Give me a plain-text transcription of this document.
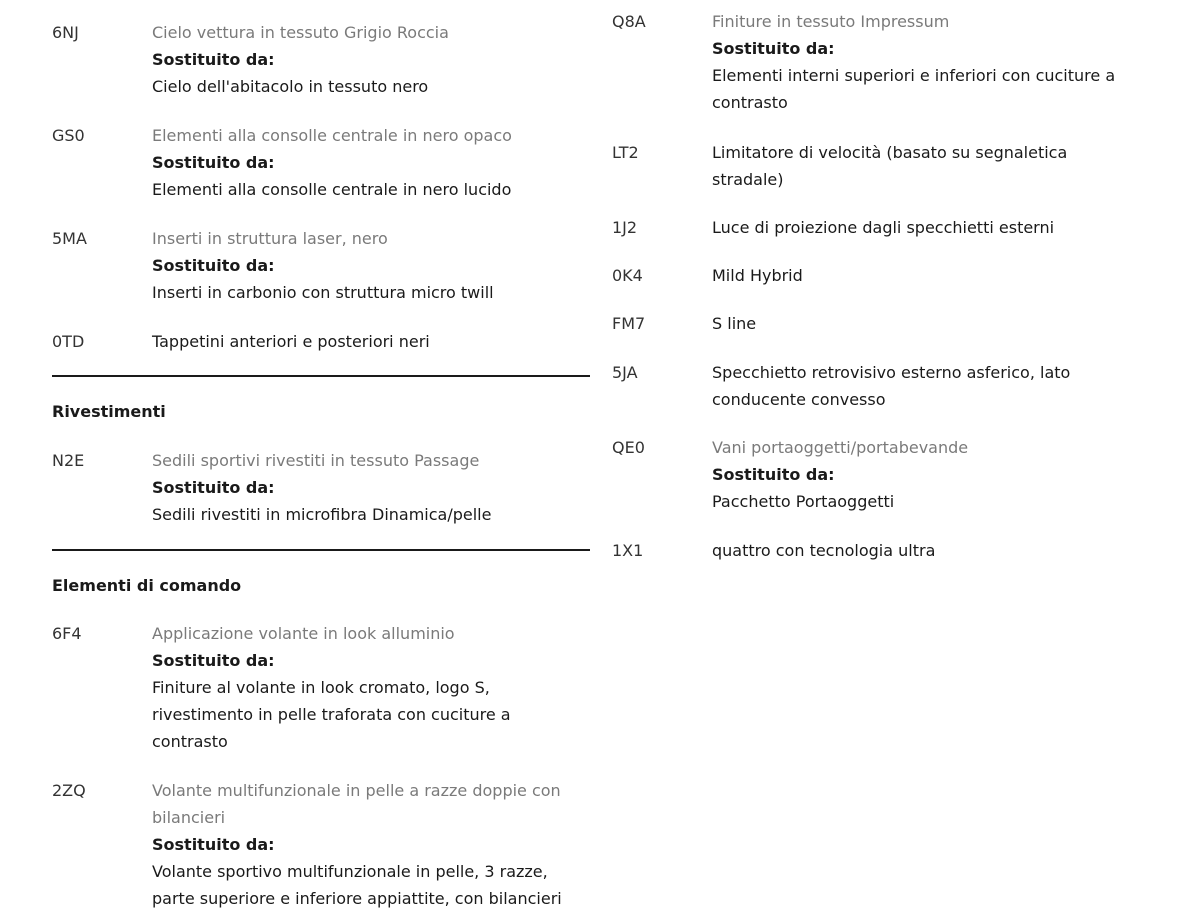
6NJ	Cielo vettura in tessuto Grigio Roccia
Sostituito da:
Cielo dell'abitacolo in tessuto nero
GS0	Elementi alla consolle centrale in nero opaco
Sostituito da:
Elementi alla consolle centrale in nero lucido
5MA	Inserti in struttura laser, nero
Sostituito da:
Inserti in carbonio con struttura micro twill
0TD	Tappetini anteriori e posteriori neri
Rivestimenti
N2E	Sedili sportivi rivestiti in tessuto Passage
Sostituito da:
Sedili rivestiti in microfibra Dinamica/pelle
Elementi di comando
6F4	Applicazione volante in look alluminio
Sostituito da:
Finiture al volante in look cromato, logo S,
rivestimento in pelle traforata con cuciture a
contrasto
2ZQ	Volante multifunzionale in pelle a razze doppie con
bilancieri
Sostituito da:
Volante sportivo multifunzionale in pelle, 3 razze,
parte superiore e inferiore appiattite, con bilancieri
Q8A	Finiture in tessuto Impressum
Sostituito da:
Elementi interni superiori e inferiori con cuciture a
contrasto
LT2	Limitatore di velocità (basato su segnaletica
stradale)
1J2	Luce di proiezione dagli specchietti esterni
0K4	Mild Hybrid
FM7	S line
5JA	Specchietto retrovisivo esterno asferico, lato
conducente convesso
QE0	Vani portaoggetti/portabevande
Sostituito da:
Pacchetto Portaoggetti
1X1	quattro con tecnologia ultra
